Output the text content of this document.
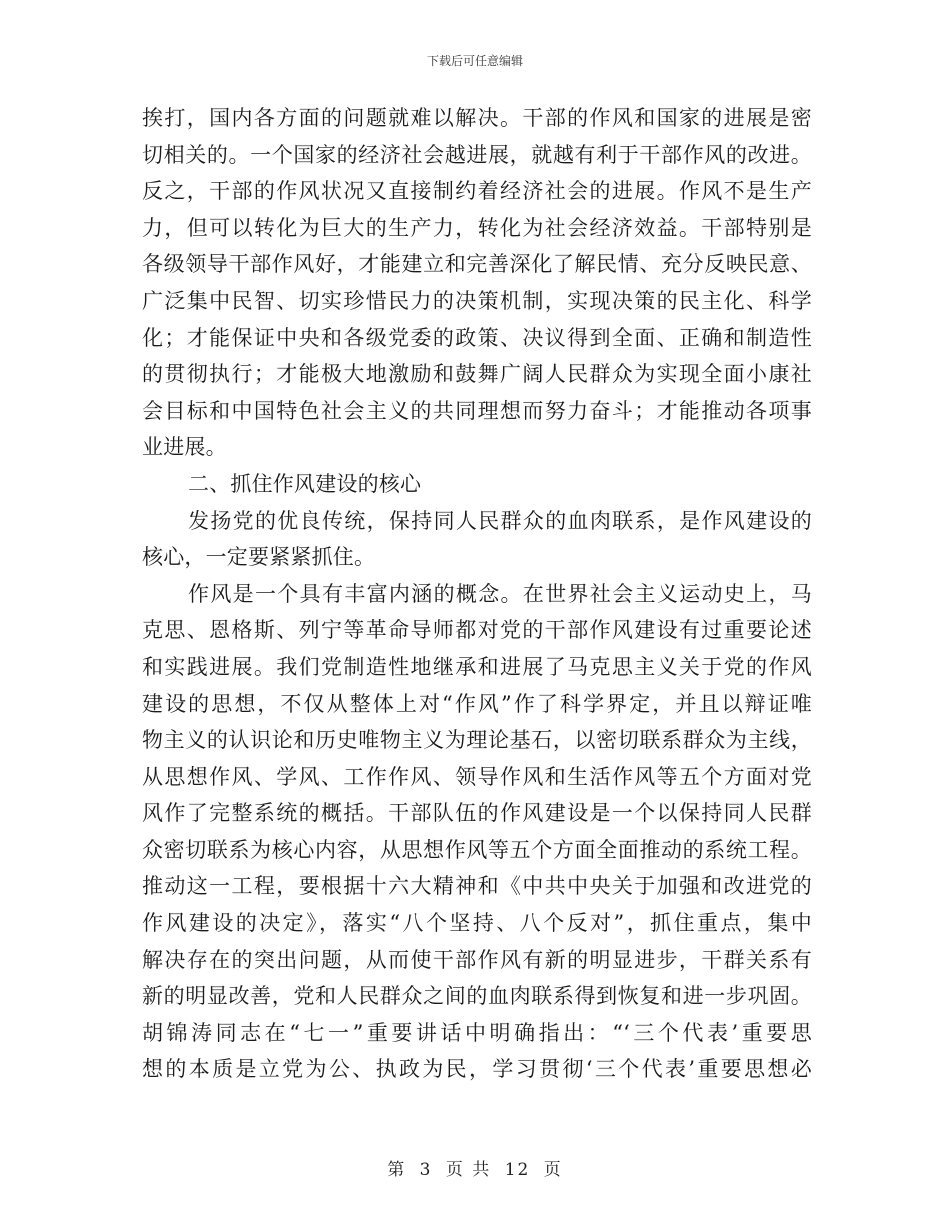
下载后可任意编辑
挨打，国内各方面的问题就难以解决。干部的作风和国家的进展是密
切相关的。一个国家的经济社会越进展，就越有利于干部作风的改进。
反之，干部的作风状况又直接制约着经济社会的进展。作风不是生产
力，但可以转化为巨大的生产力，转化为社会经济效益。干部特别是
各级领导干部作风好，才能建立和完善深化了解民情、充分反映民意、
广泛集中民智、切实珍惜民力的决策机制，实现决策的民主化、科学
化；才能保证中央和各级党委的政策、决议得到全面、正确和制造性
的贯彻执行；才能极大地激励和鼓舞广阔人民群众为实现全面小康社
会目标和中国特色社会主义的共同理想而努力奋斗；才能推动各项事
业进展。
二、抓住作风建设的核心
发扬党的优良传统，保持同人民群众的血肉联系，是作风建设的
核心，一定要紧紧抓住。
作风是一个具有丰富内涵的概念。在世界社会主义运动史上，马
克思、恩格斯、列宁等革命导师都对党的干部作风建设有过重要论述
和实践进展。我们党制造性地继承和进展了马克思主义关于党的作风
建设的思想，不仅从整体上对“作风”作了科学界定，并且以辩证唯
物主义的认识论和历史唯物主义为理论基石，以密切联系群众为主线，
从思想作风、学风、工作作风、领导作风和生活作风等五个方面对党
风作了完整系统的概括。干部队伍的作风建设是一个以保持同人民群
众密切联系为核心内容，从思想作风等五个方面全面推动的系统工程。
推动这一工程，要根据十六大精神和《中共中央关于加强和改进党的
作风建设的决定》，落实“八个坚持、八个反对”，抓住重点，集中
解决存在的突出问题，从而使干部作风有新的明显进步，干群关系有
新的明显改善，党和人民群众之间的血肉联系得到恢复和进一步巩固。
胡锦涛同志在“七一”重要讲话中明确指出：“‘三个代表’重要思
想的本质是立党为公、执政为民，学习贯彻‘三个代表’重要思想必
第 3 页 共 12 页
